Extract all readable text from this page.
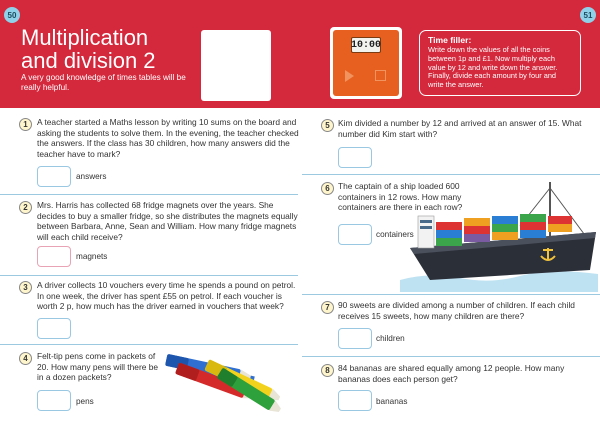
50	51
Multiplication
and division 2
A very good knowledge of times tables will be really helpful.
10:00	Time filler:
Write down the values of all the coins between 1p and £1. Now multiply each value by 12 and write down the answer. Finally, divide each amount by four and write the answer.
1	A teacher started a Maths lesson by writing 10 sums on the board and asking the students to solve them. In the evening, the teacher checked the answers. If the class has 30 children, how many answers did the teacher have to mark?
answers
2	Mrs. Harris has collected 68 fridge magnets over the years. She decides to buy a smaller fridge, so she distributes the magnets equally between Barbara, Anne, Sean and William. How many fridge magnets will each child receive?
magnets
3	A driver collects 10 vouchers every time he spends a pound on petrol. In one week, the driver has spent £55 on petrol. If each voucher is worth 2 p, how much has the driver earned in vouchers that week?
4	Felt-tip pens come in packets of 20. How many pens will there be in a dozen packets?
pens
5 Kim divided a number by 12 and arrived at an answer of 15. What number did Kim start with?
6 The captain of a ship loaded 600 containers in 12 rows. How many containers are there in each row?
containers
7 90 sweets are divided among a number of children. If each child receives 15 sweets, how many children are there?
children
8 84 bananas are shared equally among 12 people. How many bananas does each person get?
bananas
